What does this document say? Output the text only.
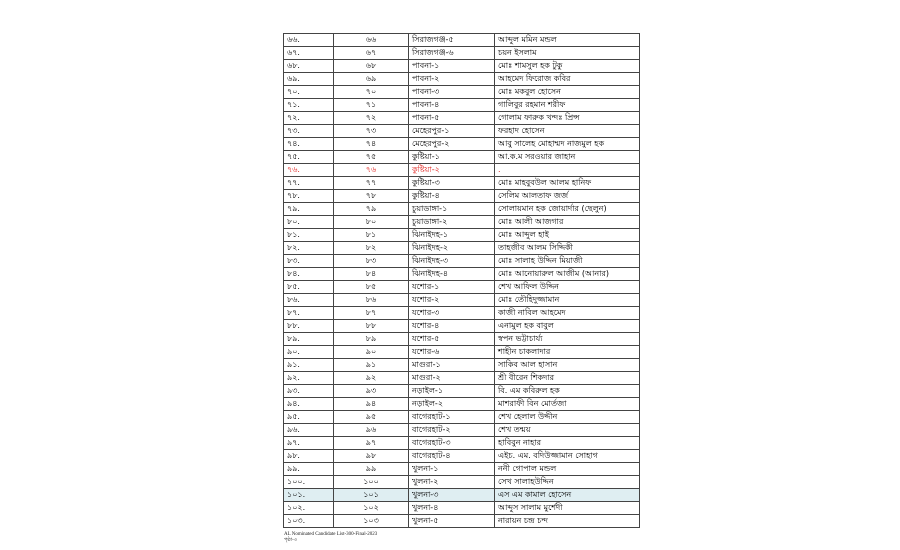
৬৬.	৬৬	সিরাজগঞ্জ-৫	আব্দুল মমিন মন্ডল
৬৭.	৬৭	সিরাজগঞ্জ-৬	চয়ন ইসলাম
৬৮.	৬৮	পাবনা-১	মোঃ শামসুল হক টুকু
৬৯.	৬৯	পাবনা-২	আহমেদ ফিরোজ কবির
৭০.	৭০	পাবনা-৩	মোঃ মকবুল হোসেন
৭১.	৭১	পাবনা-৪	গালিবুর রহমান শরীফ
৭২.	৭২	পাবনা-৫	গোলাম ফারুক খন্দঃ প্রিন্স
৭৩.	৭৩	মেহেরপুর-১	ফরহাদ হোসেন
৭৪.	৭৪	মেহেরপুর-২	আবু সালেহ মোহাম্মদ নাজমুল হক
৭৫.	৭৫	কুষ্টিয়া-১	আ.ক.ম সরওয়ার জাহান
৭৬.	৭৬	কুষ্টিয়া-২	.
৭৭.	৭৭	কুষ্টিয়া-৩	মোঃ মাহবুবউল আলম হানিফ
৭৮.	৭৮	কুষ্টিয়া-৪	সেলিম আলতাফ জর্জ
৭৯.	৭৯	চুয়াডাঙ্গা-১	সোলায়মান হক জোয়ার্দার (ছেলুন)
৮০.	৮০	চুয়াডাঙ্গা-২	মোঃ আলী আজগার
৮১.	৮১	ঝিনাইদহ-১	মোঃ আব্দুল হাই
৮২.	৮২	ঝিনাইদহ-২	তাহজীব আলম সিদ্দিকী
৮৩.	৮৩	ঝিনাইদহ-৩	মোঃ সালাহ উদ্দিন মিয়াজী
৮৪.	৮৪	ঝিনাইদহ-৪	মোঃ আনোয়ারুল আজীম (আনার)
৮৫.	৮৫	যশোর-১	শেখ আফিল উদ্দিন
৮৬.	৮৬	যশোর-২	মোঃ তৌহিদুজ্জামান
৮৭.	৮৭	যশোর-৩	কাজী নাবিল আহমেদ
৮৮.	৮৮	যশোর-৪	এনামুল হক বাবুল
৮৯.	৮৯	যশোর-৫	স্বপন ভট্টাচার্য্য
৯০.	৯০	যশোর-৬	শাহীন চাকলাদার
৯১.	৯১	মাগুরা-১	সাকিব আল হাসান
৯২.	৯২	মাগুরা-২	শ্রী বীরেন শিকদার
৯৩.	৯৩	নড়াইল-১	বি. এম কবিরুল হক
৯৪.	৯৪	নড়াইল-২	মাশরাফী বিন মোর্তজা
৯৫.	৯৫	বাগেরহাট-১	শেখ হেলাল উদ্দীন
৯৬.	৯৬	বাগেরহাট-২	শেখ তন্ময়
৯৭.	৯৭	বাগেরহাট-৩	হাবিবুন নাহার
৯৮.	৯৮	বাগেরহাট-৪	এইচ. এম. বদিউজ্জামান সোহাগ
৯৯.	৯৯	খুলনা-১	ননী গোপাল মন্ডল
১০০.	১০০	খুলনা-২	সেখ সালাহউদ্দিন
১০১.	১০১	খুলনা-৩	এস এম কামাল হোসেন
১০২.	১০২	খুলনা-৪	আব্দুস সালাম মুর্শেদী
১০৩.	১০৩	খুলনা-৫	নারায়ন চন্দ্র চন্দ
AL Nominated Candidate List-300-Final-2023
পৃষ্ঠা-৩
